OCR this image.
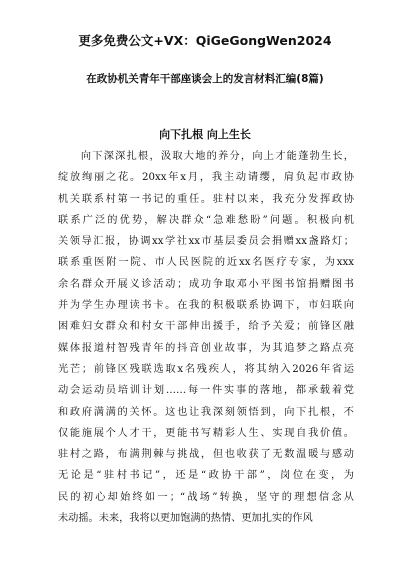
更多免费公文+VX：QiGeGongWen2024
在政协机关青年干部座谈会上的发言材料汇编(8篇)
向下扎根 向上生长
　　向下深深扎根，汲取大地的养分，向上才能蓬勃生长，
绽放绚丽之花。20xx年x月，我主动请缨，肩负起市政协
机关联系村第一书记的重任。驻村以来，我充分发挥政协
联系广泛的优势，解决群众“急难愁盼”问题。积极向机
关领导汇报，协调xx学社xx市基层委员会捐赠xx盏路灯；
联系重医附一院、市人民医院的近xx名医疗专家，为xxx
余名群众开展义诊活动；成功争取邓小平图书馆捐赠图书
并为学生办理读书卡。在我的积极联系协调下，市妇联向
困难妇女群众和村女干部伸出援手，给予关爱；前锋区融
媒体报道村智残青年的抖音创业故事，为其追梦之路点亮
光芒；前锋区残联选取x名残疾人，将其纳入2026年省运
动会运动员培训计划……每一件实事的落地，都承载着党
和政府满满的关怀。这也让我深刻领悟到，向下扎根，不
仅能施展个人才干，更能书写精彩人生、实现自我价值。
驻村之路，布满荆棘与挑战，但也收获了无数温暖与感动
无论是“驻村书记”，还是“政协干部”，岗位在变，为
民的初心却始终如一；“战场”转换，坚守的理想信念从
未动摇。未来，我将以更加饱满的热情、更加扎实的作风
